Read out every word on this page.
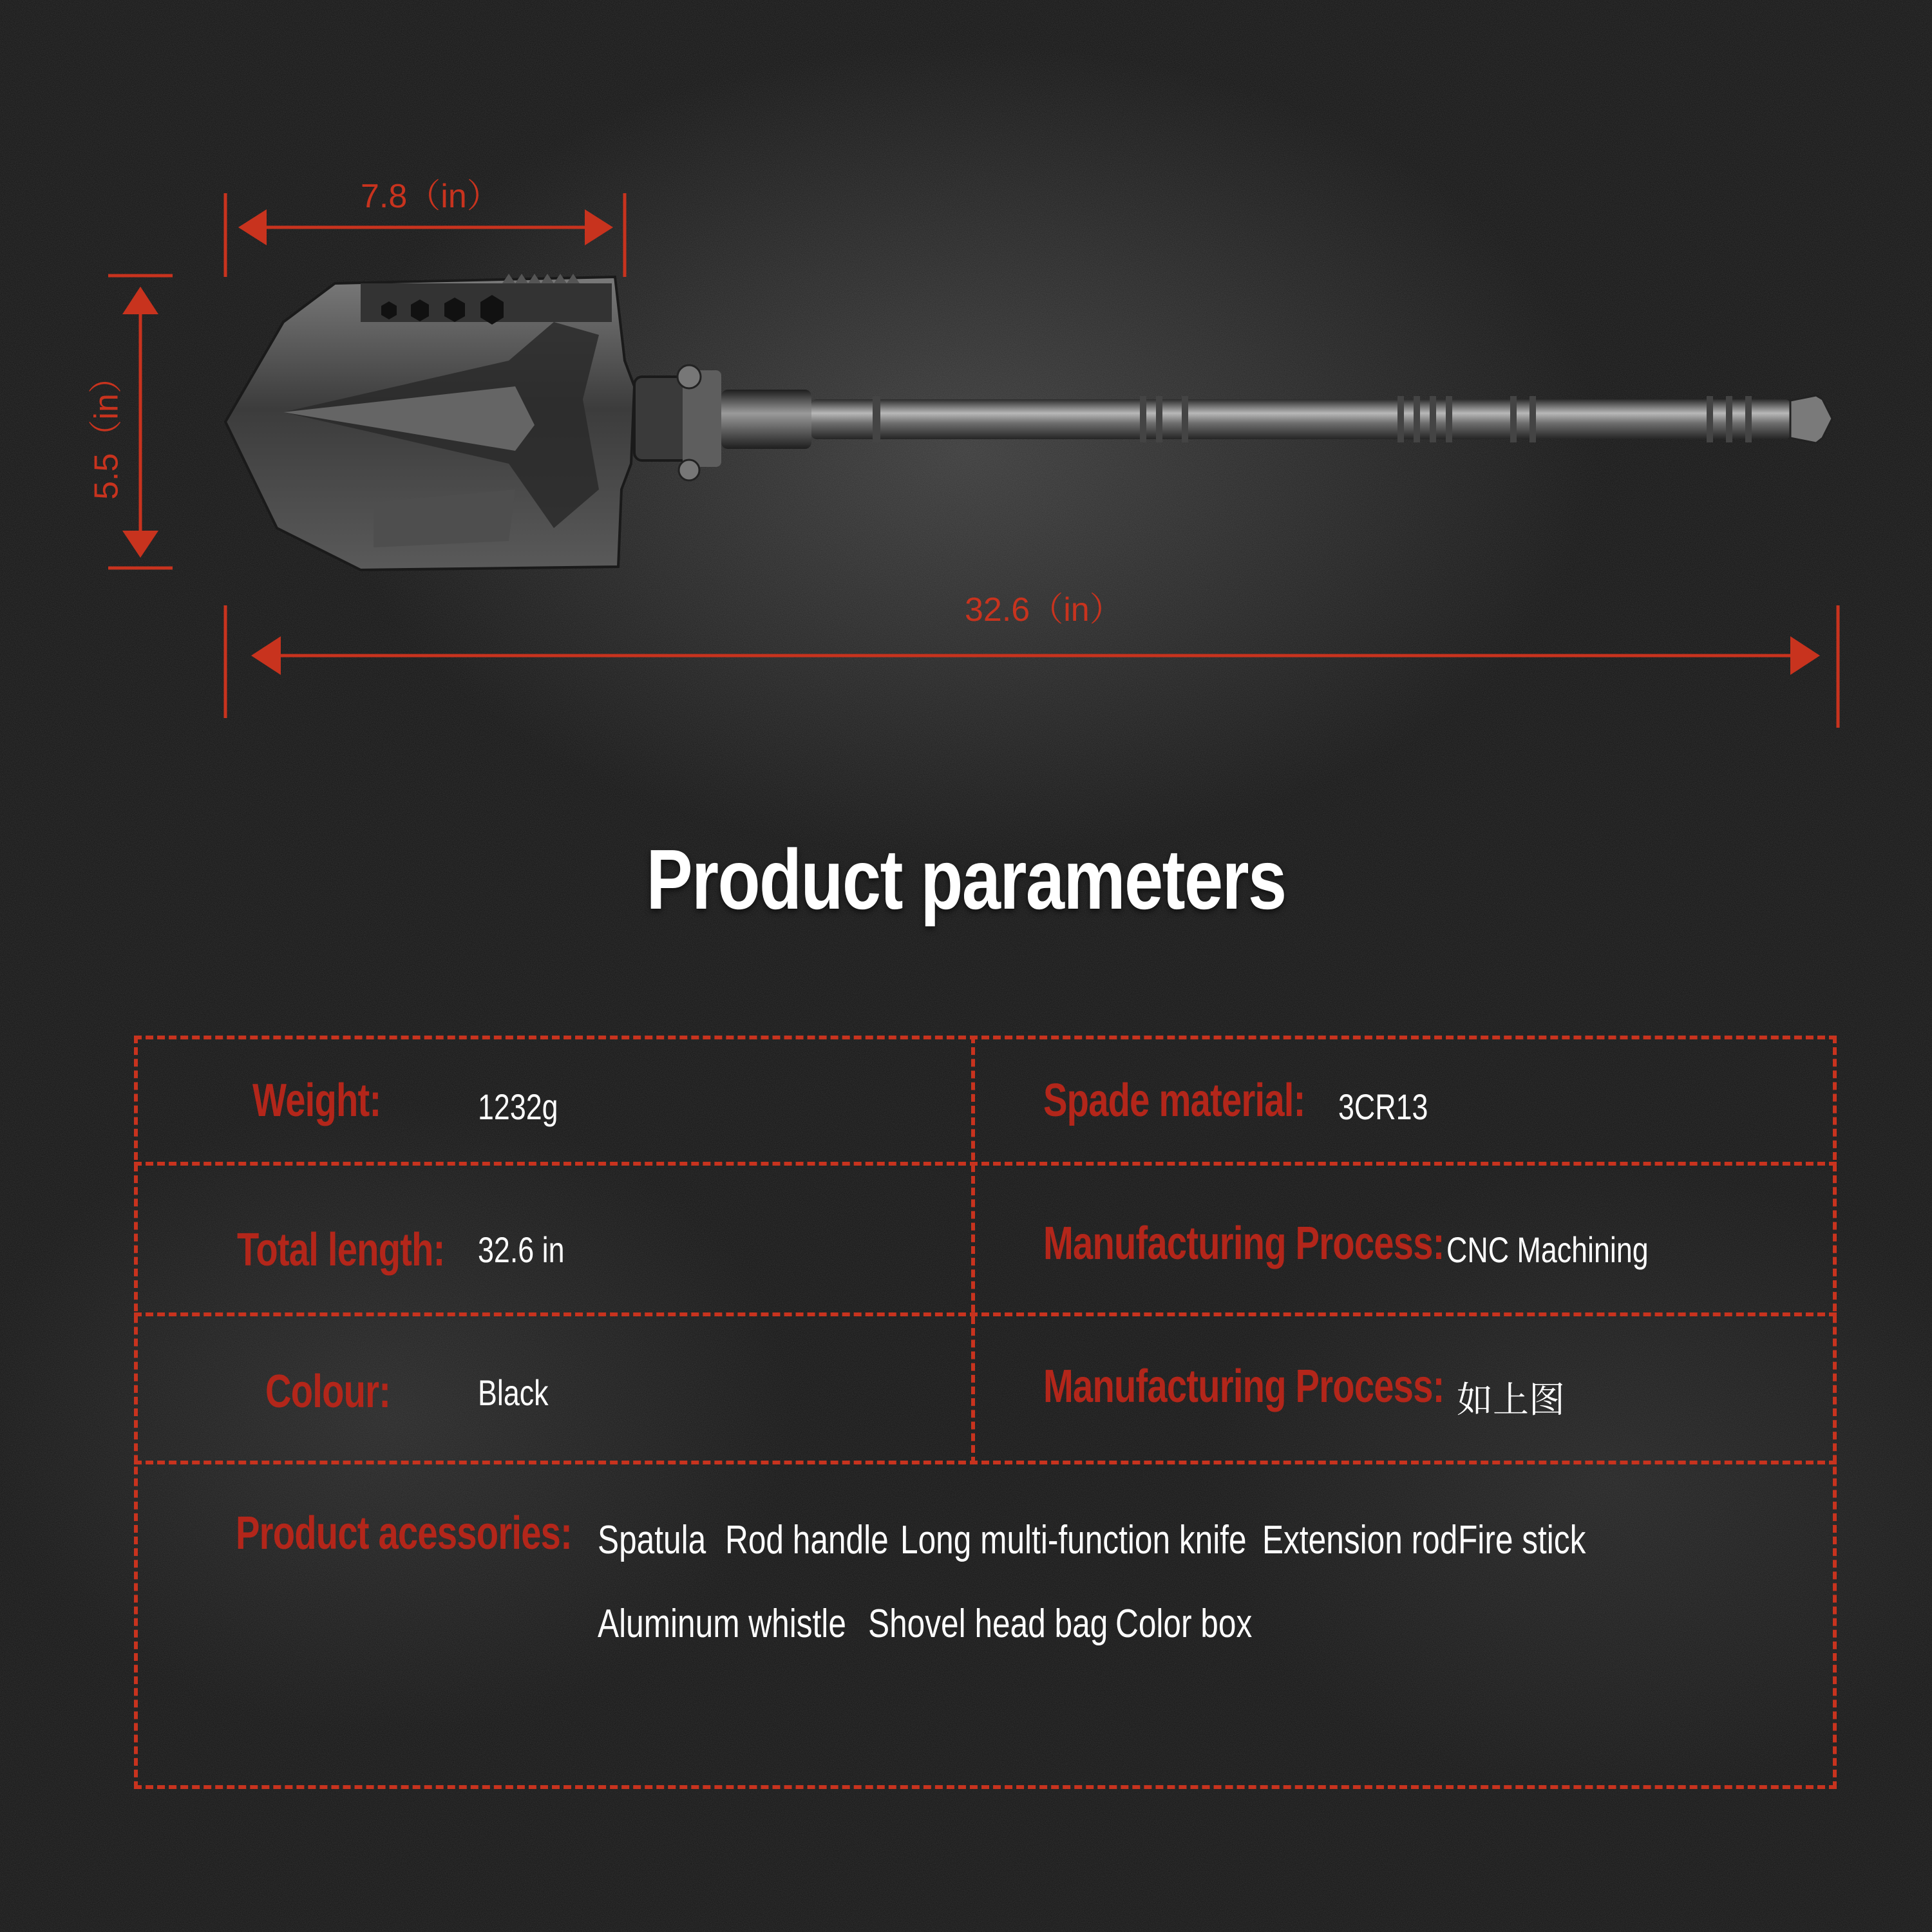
7.8（in）
5.5（in）
32.6（in）
Product parameters
Weight:	1232g	Spade material: 3CR13
Total length: 32.6 in	Manufacturing Process: CNC Machining
Colour: Black	Manufacturing Process: 如上图
Product acessories: Spatula Rod handle Long multi-function knife Extension rod Fire stick
Aluminum whistle Shovel head bag Color box
